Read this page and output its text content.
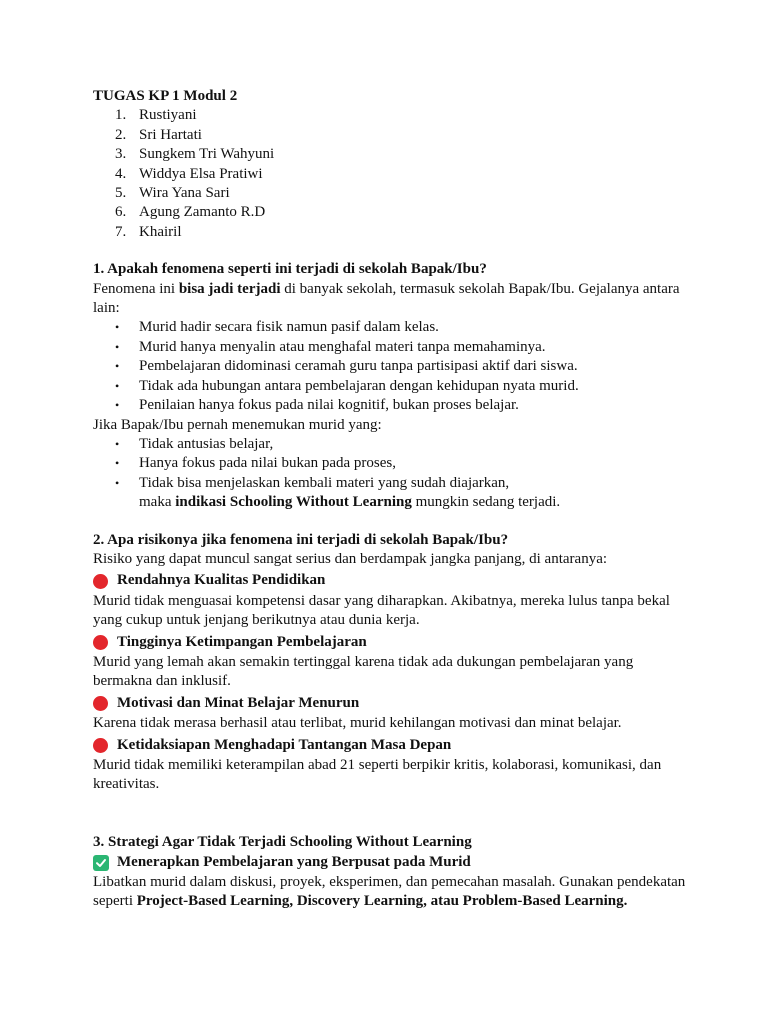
TUGAS KP 1 Modul 2

1. Rustiyani
2. Sri Hartati
3. Sungkem Tri Wahyuni
4. Widdya Elsa Pratiwi
5. Wira Yana Sari
6. Agung Zamanto R.D
7. Khairil

1. Apakah fenomena seperti ini terjadi di sekolah Bapak/Ibu?

Fenomena ini bisa jadi terjadi di banyak sekolah, termasuk sekolah Bapak/Ibu. Gejalanya antara lain:

• Murid hadir secara fisik namun pasif dalam kelas.
• Murid hanya menyalin atau menghafal materi tanpa memahaminya.
• Pembelajaran didominasi ceramah guru tanpa partisipasi aktif dari siswa.
• Tidak ada hubungan antara pembelajaran dengan kehidupan nyata murid.
• Penilaian hanya fokus pada nilai kognitif, bukan proses belajar.

Jika Bapak/Ibu pernah menemukan murid yang:

• Tidak antusias belajar,
• Hanya fokus pada nilai bukan pada proses,
• Tidak bisa menjelaskan kembali materi yang sudah diajarkan,

maka indikasi Schooling Without Learning mungkin sedang terjadi.

2. Apa risikonya jika fenomena ini terjadi di sekolah Bapak/Ibu?

Risiko yang dapat muncul sangat serius dan berdampak jangka panjang, di antaranya:

Rendahnya Kualitas Pendidikan

Murid tidak menguasai kompetensi dasar yang diharapkan. Akibatnya, mereka lulus tanpa bekal yang cukup untuk jenjang berikutnya atau dunia kerja.

Tingginya Ketimpangan Pembelajaran

Murid yang lemah akan semakin tertinggal karena tidak ada dukungan pembelajaran yang bermakna dan inklusif.

Motivasi dan Minat Belajar Menurun

Karena tidak merasa berhasil atau terlibat, murid kehilangan motivasi dan minat belajar.

Ketidaksiapan Menghadapi Tantangan Masa Depan

Murid tidak memiliki keterampilan abad 21 seperti berpikir kritis, kolaborasi, komunikasi, dan kreativitas.

3. Strategi Agar Tidak Terjadi Schooling Without Learning

Menerapkan Pembelajaran yang Berpusat pada Murid

Libatkan murid dalam diskusi, proyek, eksperimen, dan pemecahan masalah. Gunakan pendekatan seperti Project-Based Learning, Discovery Learning, atau Problem-Based Learning.
